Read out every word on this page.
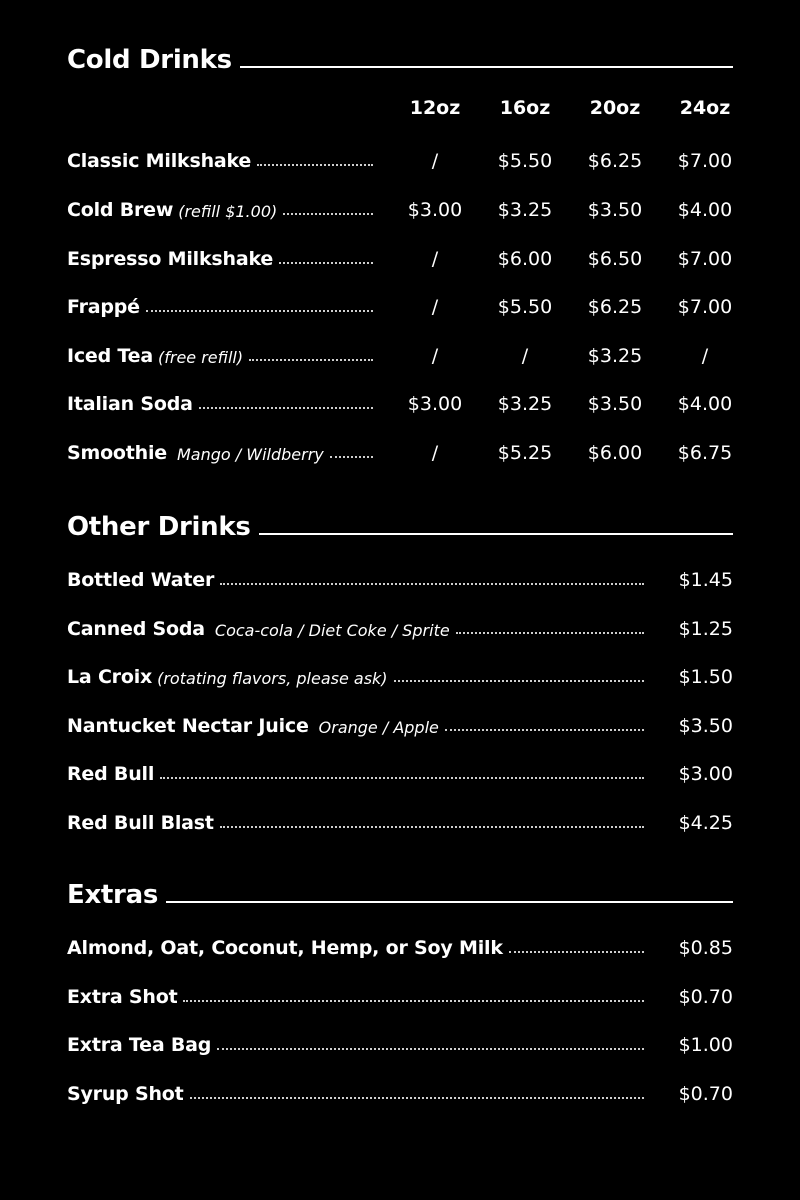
Cold Drinks
12oz	16oz	20oz	24oz
Classic Milkshake	/	$5.50	$6.25	$7.00
Cold Brew (refill $1.00)	$3.00	$3.25	$3.50	$4.00
Espresso Milkshake	/	$6.00	$6.50	$7.00
Frappé	/	$5.50	$6.25	$7.00
Iced Tea (free refill)	/	/	$3.25	/
Italian Soda	$3.00	$3.25	$3.50	$4.00
Smoothie Mango / Wildberry	/	$5.25	$6.00	$6.75
Other Drinks
Bottled Water	$1.45
Canned Soda Coca-cola / Diet Coke / Sprite	$1.25
La Croix (rotating flavors, please ask)	$1.50
Nantucket Nectar Juice Orange / Apple	$3.50
Red Bull	$3.00
Red Bull Blast	$4.25
Extras
Almond, Oat, Coconut, Hemp, or Soy Milk	$0.85
Extra Shot	$0.70
Extra Tea Bag	$1.00
Syrup Shot	$0.70
